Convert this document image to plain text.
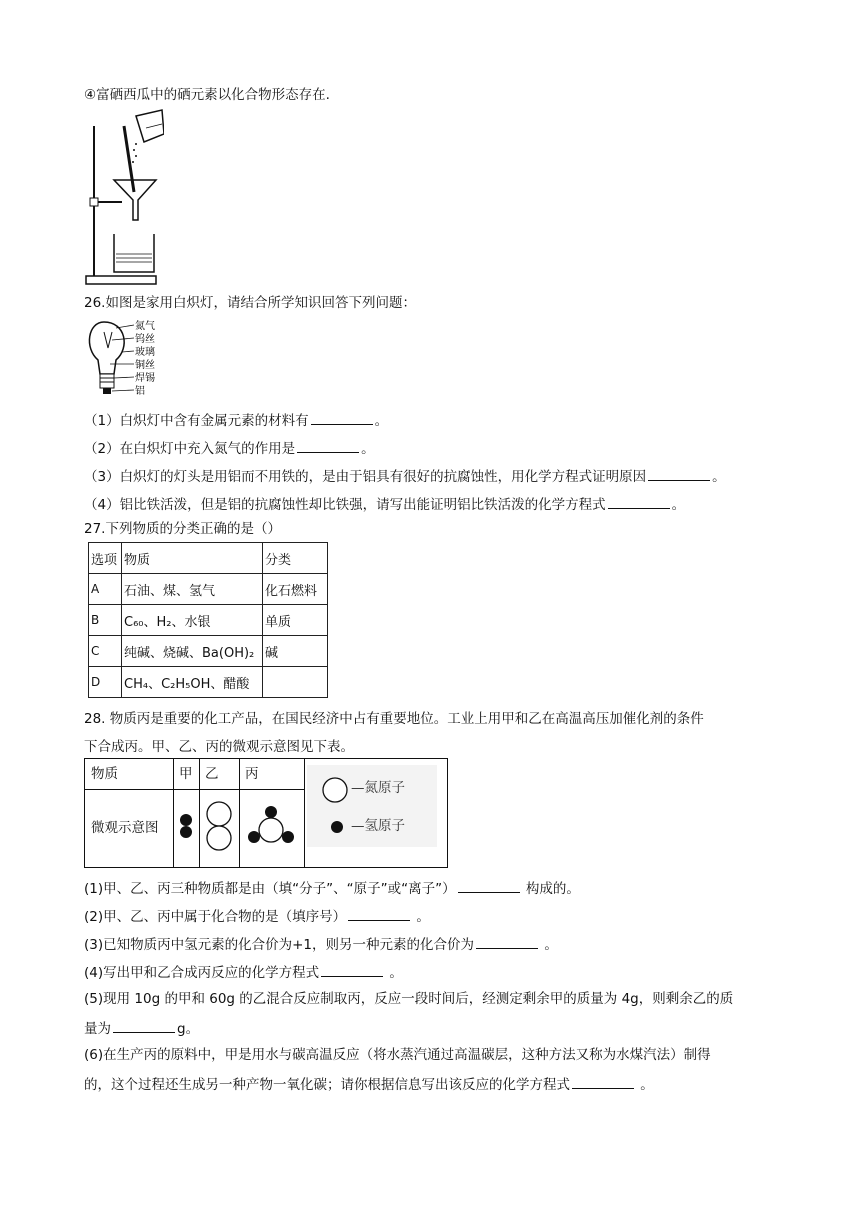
④富硒西瓜中的硒元素以化合物形态存在.
26.如图是家用白炽灯，请结合所学知识回答下列问题：
氮气
钨丝
玻璃
铜丝
焊锡
铝
（1）白炽灯中含有金属元素的材料有	。
（2）在白炽灯中充入氮气的作用是	。
（3）白炽灯的灯头是用铝而不用铁的，是由于铝具有很好的抗腐蚀性，用化学方程式证明原因	。
（4）铝比铁活泼，但是铝的抗腐蚀性却比铁强，请写出能证明铝比铁活泼的化学方程式	。
27.下列物质的分类正确的是（）
选项	物质	分类
A	石油、煤、氢气	化石燃料
B	C₆₀、H₂、水银	单质
C	纯碱、烧碱、Ba(OH)₂	碱
D	CH₄、C₂H₅OH、醋酸	
28. 物质丙是重要的化工产品，在国民经济中占有重要地位。工业上用甲和乙在高温高压加催化剂的条件
下合成丙。甲、乙、丙的微观示意图见下表。
物质	甲 乙 丙
微观示意图
—氮原子
—氢原子
(1)甲、乙、丙三种物质都是由（填“分子”、“原子”或“离子”）	构成的。
(2)甲、乙、丙中属于化合物的是（填序号）	。
(3)已知物质丙中氢元素的化合价为+1，则另一种元素的化合价为	。
(4)写出甲和乙合成丙反应的化学方程式	。
(5)现用 10g 的甲和 60g 的乙混合反应制取丙，反应一段时间后，经测定剩余甲的质量为 4g，则剩余乙的质
量为	g。
(6)在生产丙的原料中，甲是用水与碳高温反应（将水蒸汽通过高温碳层，这种方法又称为水煤汽法）制得
的，这个过程还生成另一种产物一氧化碳；请你根据信息写出该反应的化学方程式	。
